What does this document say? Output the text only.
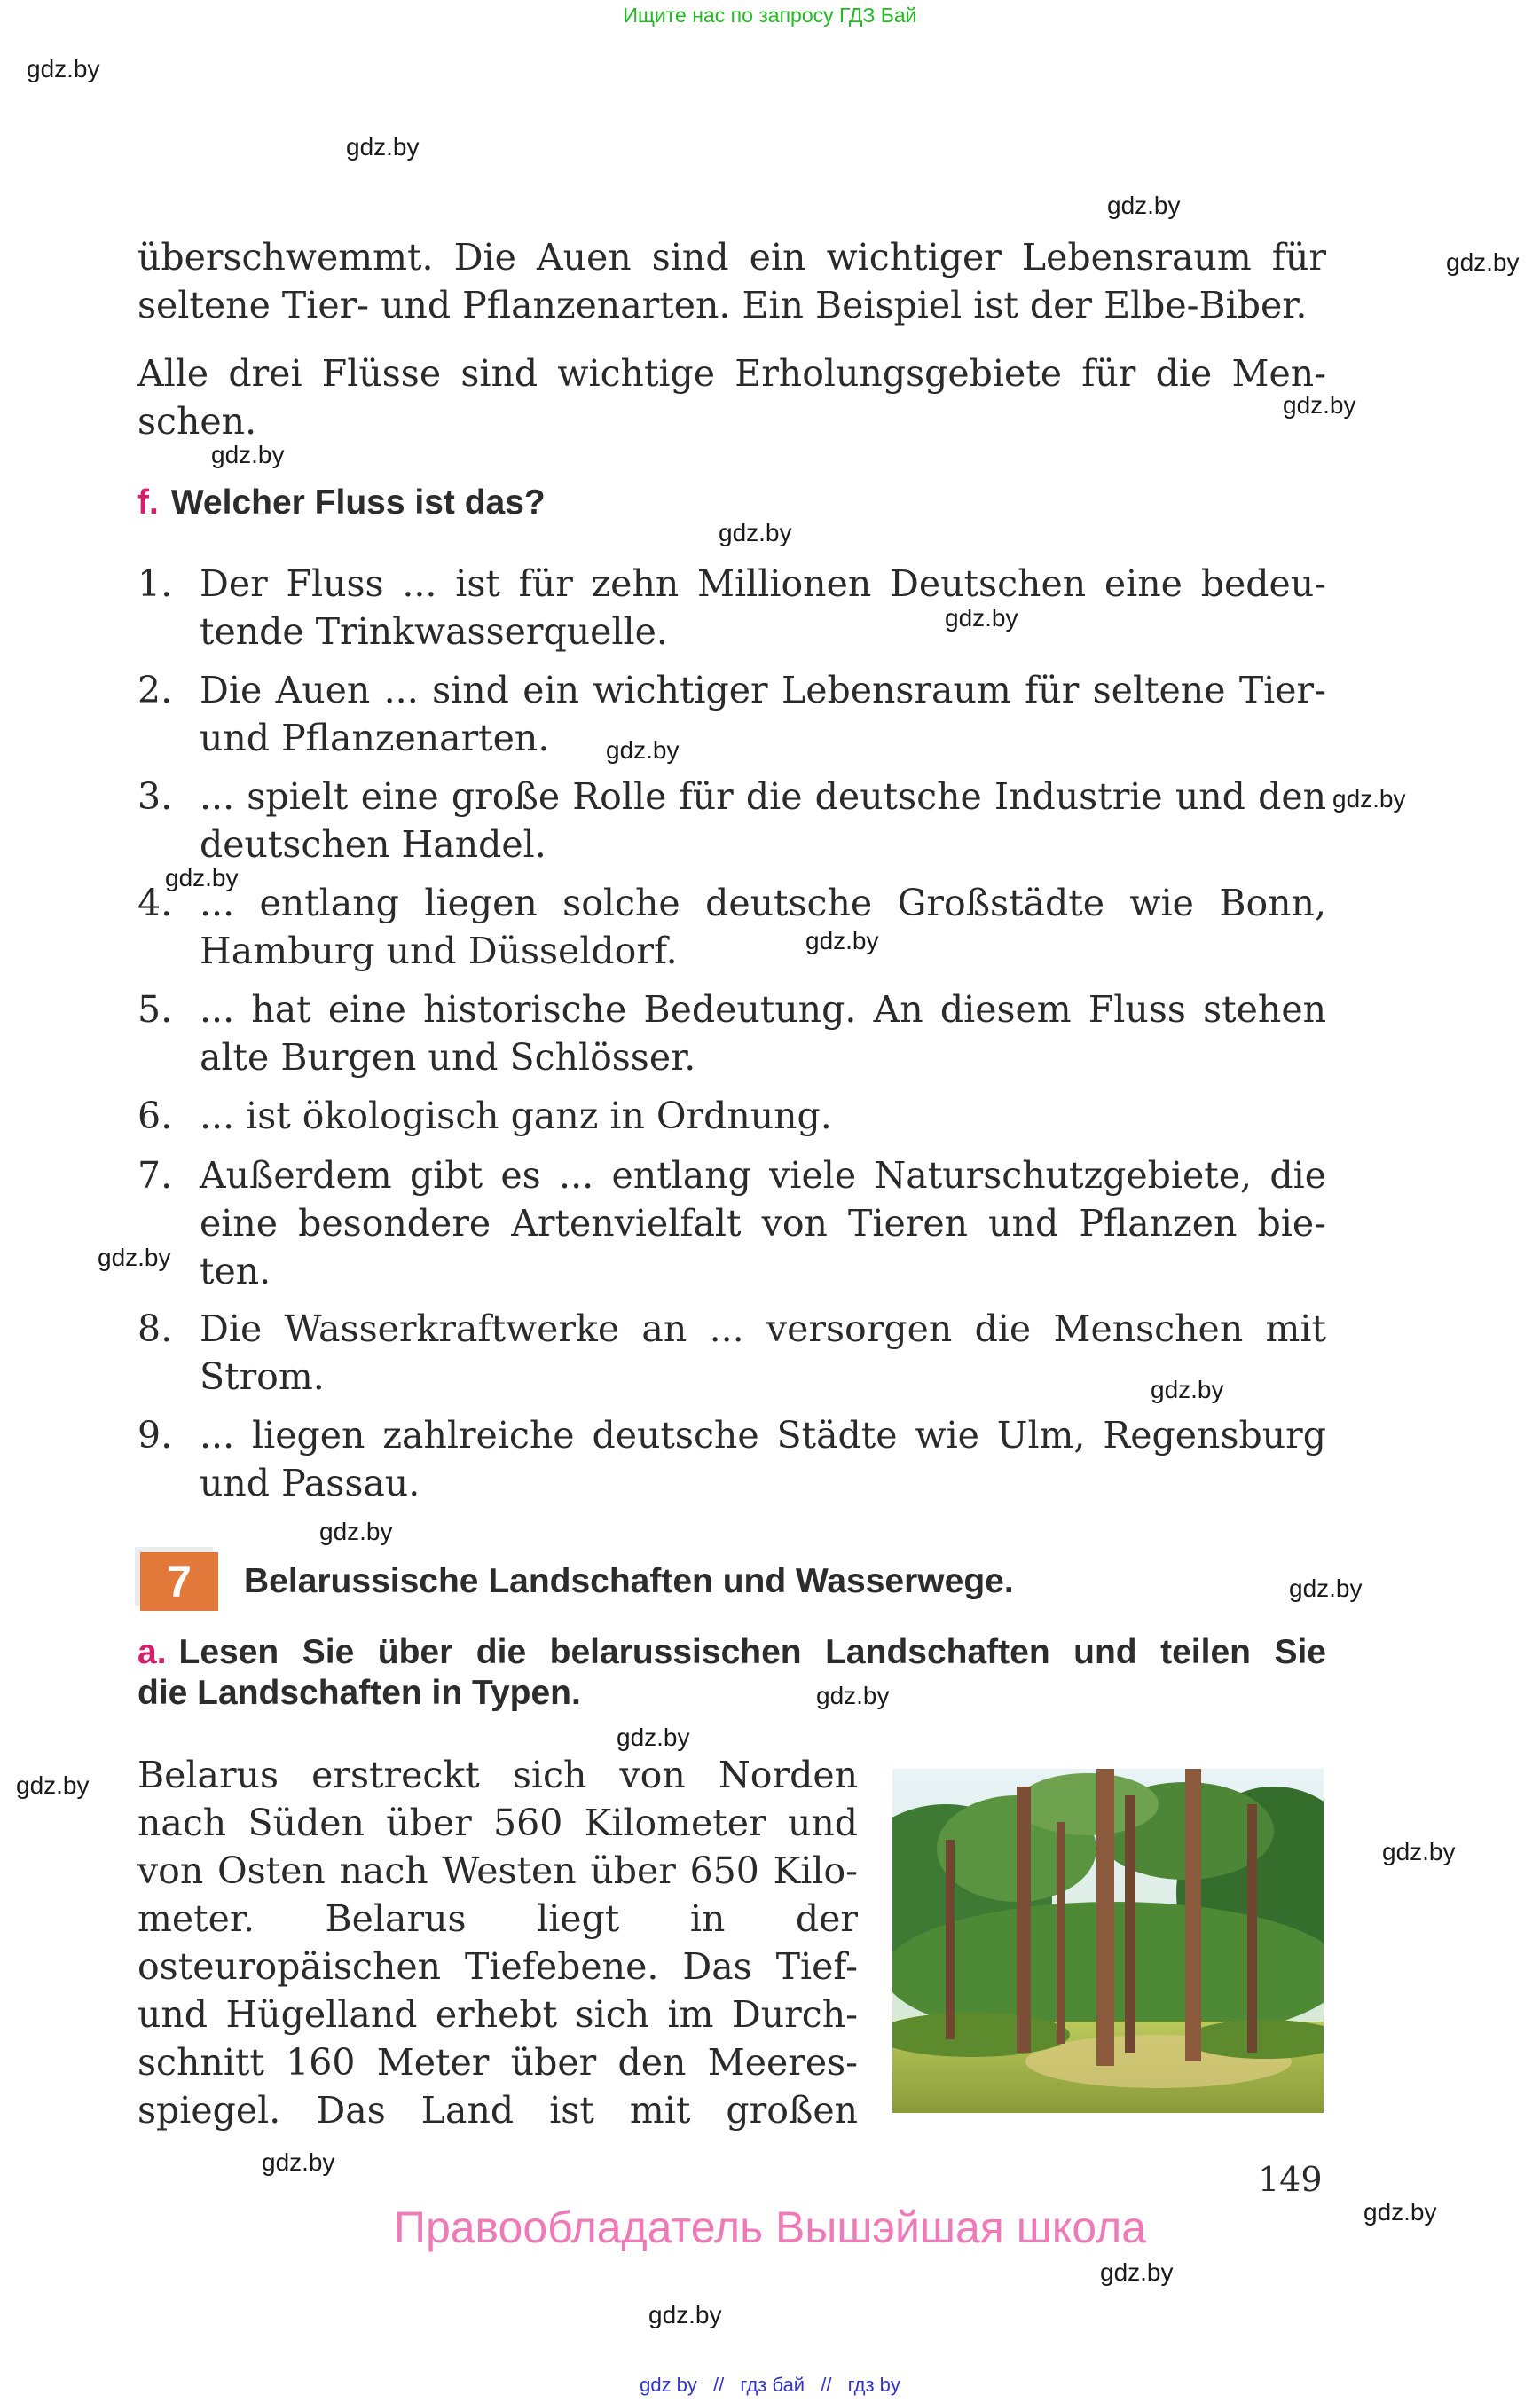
Ищите нас по запросу ГДЗ Бай
gdz.by
gdz.by
gdz.by
gdz.by
gdz.by
gdz.by
gdz.by
gdz.by
gdz.by
gdz.by
gdz.by
gdz.by
gdz.by
gdz.by
gdz.by
gdz.by
gdz.by
gdz.by
gdz.by
gdz.by
gdz.by
gdz.by
gdz.by
gdz.by
überschwemmt. Die Auen sind ein wichtiger Lebensraum für
seltene Tier- und Pflanzenarten. Ein Beispiel ist der Elbe-Biber.
Alle drei Flüsse sind wichtige Erholungsgebiete für die Men-
schen.
f. Welcher Fluss ist das?
1. Der Fluss ... ist für zehn Millionen Deutschen eine bedeu-
tende Trinkwasserquelle.
2. Die Auen ... sind ein wichtiger Lebensraum für seltene Tier-
und Pflanzenarten.
3. ... spielt eine große Rolle für die deutsche Industrie und den
deutschen Handel.
4. ... entlang liegen solche deutsche Großstädte wie Bonn,
Hamburg und Düsseldorf.
5. ... hat eine historische Bedeutung. An diesem Fluss stehen
alte Burgen und Schlösser.
6. ... ist ökologisch ganz in Ordnung.
7. Außerdem gibt es ... entlang viele Naturschutzgebiete, die
eine besondere Artenvielfalt von Tieren und Pflanzen bie-
ten.
8. Die Wasserkraftwerke an ... versorgen die Menschen mit
Strom.
9. ... liegen zahlreiche deutsche Städte wie Ulm, Regensburg
und Passau.
7	Belarussische Landschaften und Wasserwege.
a. Lesen Sie über die belarussischen Landschaften und teilen Sie
die Landschaften in Typen.
Belarus erstreckt sich von Norden
nach Süden über 560 Kilometer und
von Osten nach Westen über 650 Kilo-
meter. Belarus liegt in der
osteuropäischen Tiefebene. Das Tief-
und Hügelland erhebt sich im Durch-
schnitt 160 Meter über den Meeres-
spiegel. Das Land ist mit großen
149
Правообладатель Вышэйшая школа
gdz by // гдз бай // гдз by
